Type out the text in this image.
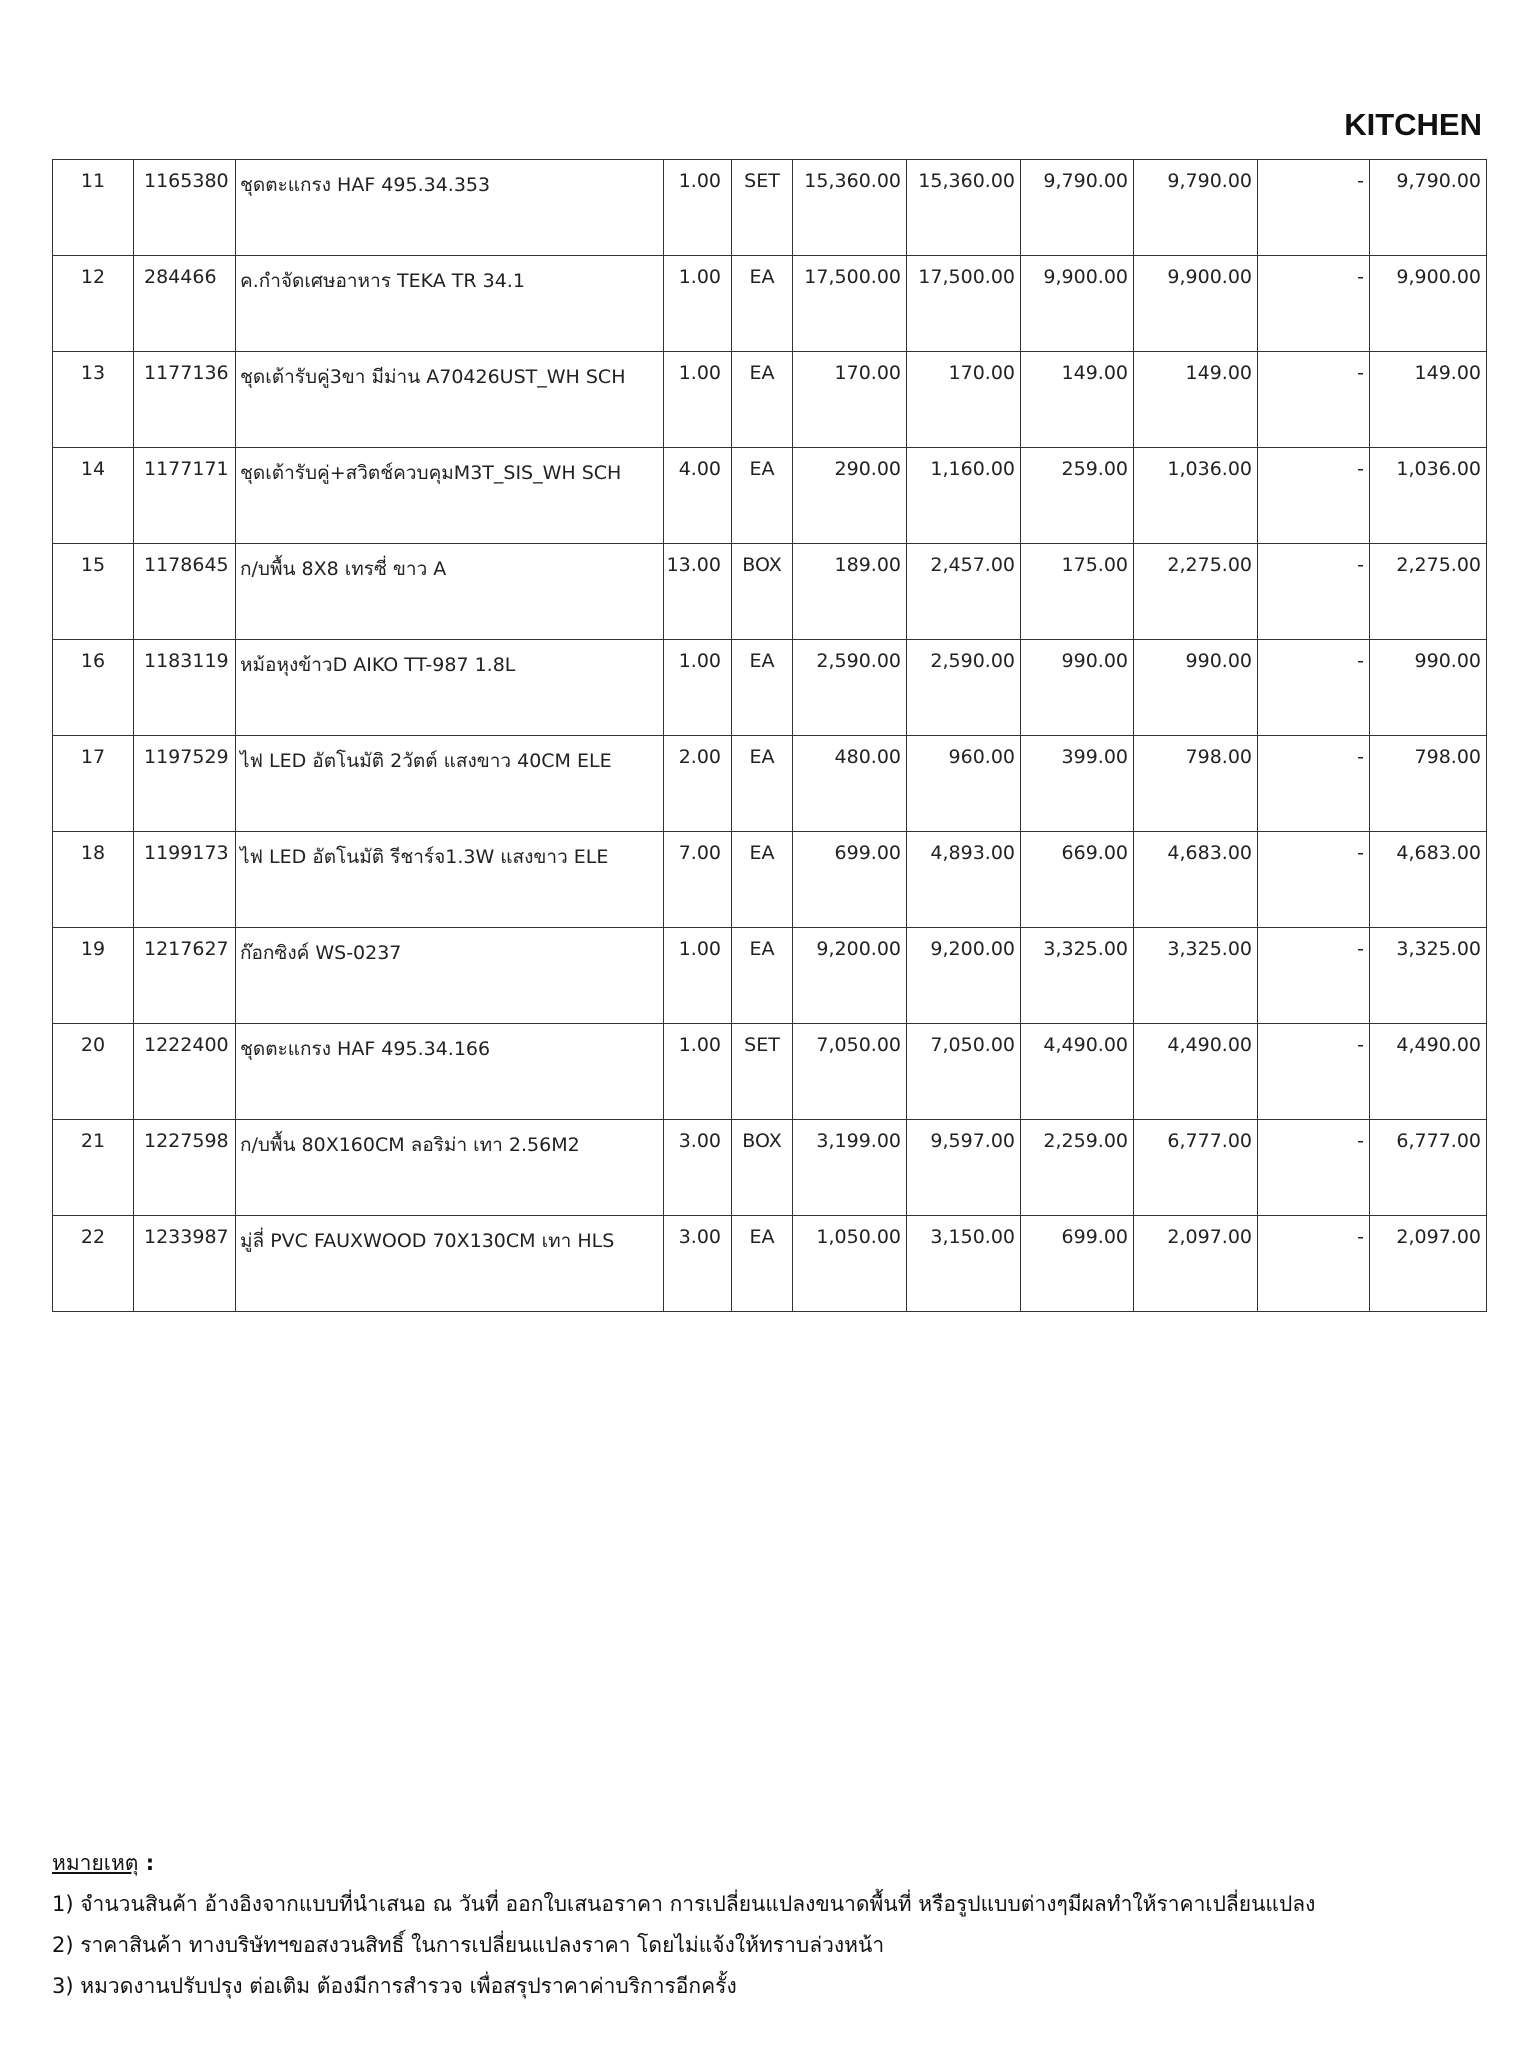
KITCHEN
11	1165380	ชุดตะแกรง HAF 495.34.353	1.00	SET	15,360.00	15,360.00	9,790.00	9,790.00	-	9,790.00
12	284466	ค.กำจัดเศษอาหาร TEKA TR 34.1	1.00	EA	17,500.00	17,500.00	9,900.00	9,900.00	-	9,900.00
13	1177136	ชุดเต้ารับคู่3ขา มีม่าน A70426UST_WH SCH	1.00	EA	170.00	170.00	149.00	149.00	-	149.00
14	1177171	ชุดเต้ารับคู่+สวิตช์ควบคุมM3T_SIS_WH SCH	4.00	EA	290.00	1,160.00	259.00	1,036.00	-	1,036.00
15	1178645	ก/บพื้น 8X8 เทรซี่ ขาว A	13.00	BOX	189.00	2,457.00	175.00	2,275.00	-	2,275.00
16	1183119	หม้อหุงข้าวD AIKO TT-987 1.8L	1.00	EA	2,590.00	2,590.00	990.00	990.00	-	990.00
17	1197529	ไฟ LED อัตโนมัติ 2วัตต์ แสงขาว 40CM ELE	2.00	EA	480.00	960.00	399.00	798.00	-	798.00
18	1199173	ไฟ LED อัตโนมัติ รีชาร์จ1.3W แสงขาว ELE	7.00	EA	699.00	4,893.00	669.00	4,683.00	-	4,683.00
19	1217627	ก๊อกซิงค์ WS-0237	1.00	EA	9,200.00	9,200.00	3,325.00	3,325.00	-	3,325.00
20	1222400	ชุดตะแกรง HAF 495.34.166	1.00	SET	7,050.00	7,050.00	4,490.00	4,490.00	-	4,490.00
21	1227598	ก/บพื้น 80X160CM ลอริม่า เทา 2.56M2	3.00	BOX	3,199.00	9,597.00	2,259.00	6,777.00	-	6,777.00
22	1233987	มู่ลี่ PVC FAUXWOOD 70X130CM เทา HLS	3.00	EA	1,050.00	3,150.00	699.00	2,097.00	-	2,097.00
หมายเหตุ :
1) จำนวนสินค้า อ้างอิงจากแบบที่นำเสนอ ณ วันที่ ออกใบเสนอราคา การเปลี่ยนแปลงขนาดพื้นที่ หรือรูปแบบต่างๆมีผลทำให้ราคาเปลี่ยนแปลง
2) ราคาสินค้า ทางบริษัทฯขอสงวนสิทธิ์ ในการเปลี่ยนแปลงราคา โดยไม่แจ้งให้ทราบล่วงหน้า
3) หมวดงานปรับปรุง ต่อเติม ต้องมีการสำรวจ เพื่อสรุปราคาค่าบริการอีกครั้ง
